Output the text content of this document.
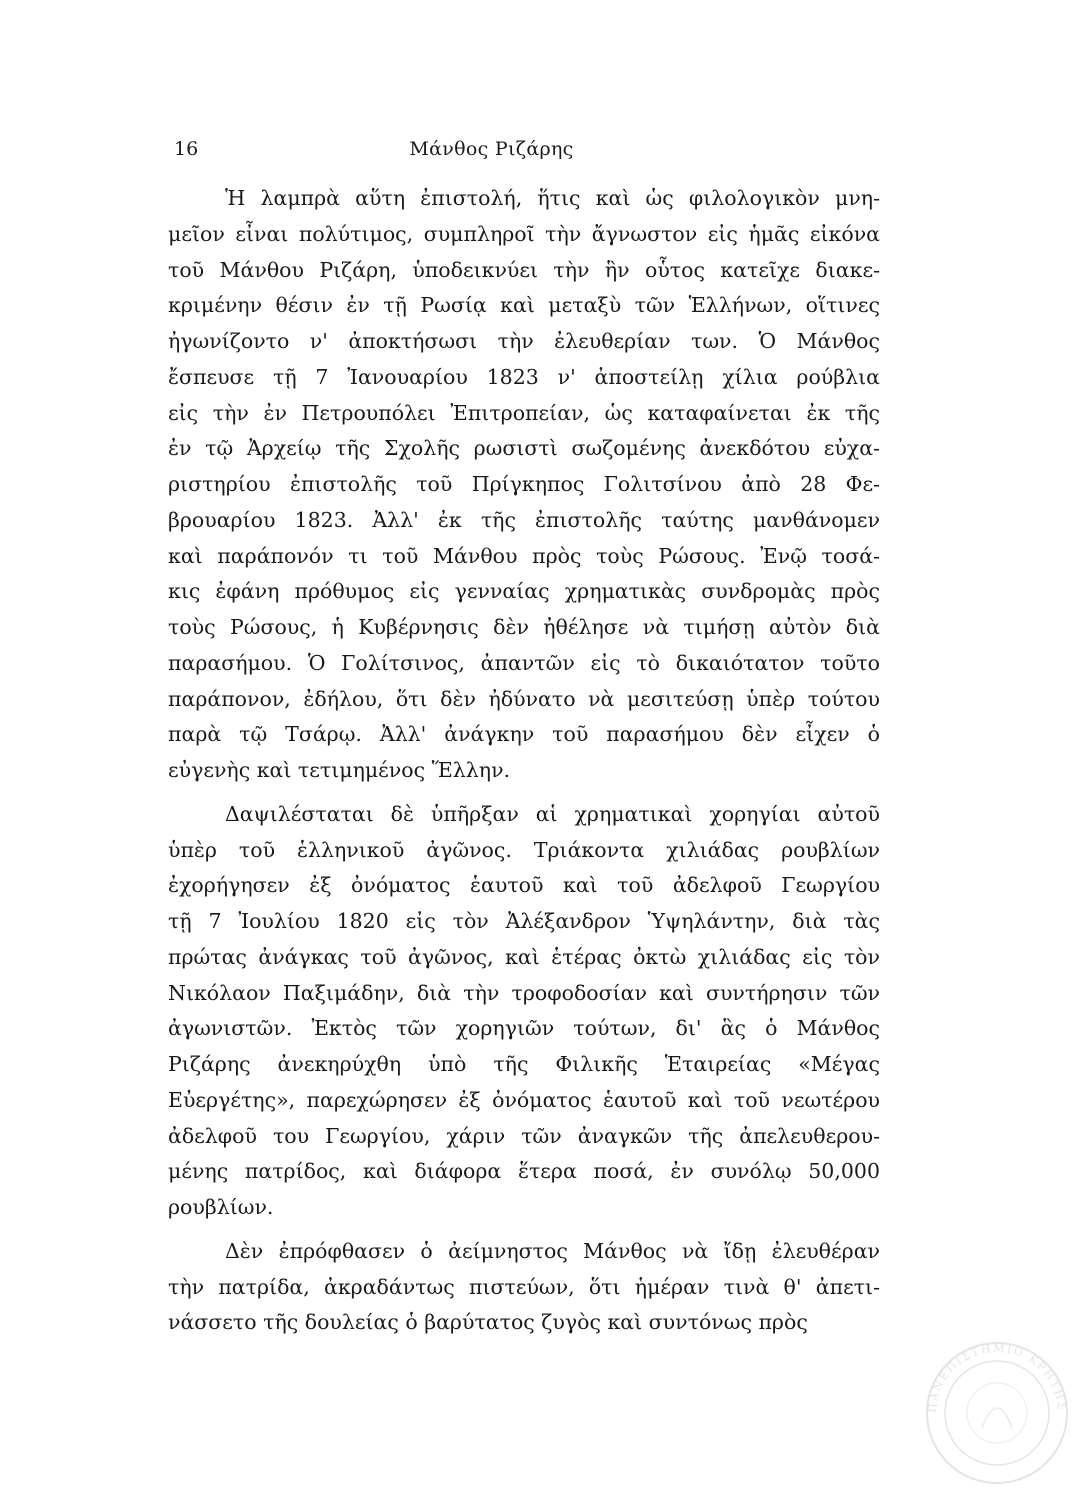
16	Μάνθος Ριζάρης
Ἡ λαμπρὰ αὕτη ἐπιστολή, ἥτις καὶ ὡς φιλολογικὸν μνη-
μεῖον εἶναι πολύτιμος, συμπληροῖ τὴν ἄγνωστον εἰς ἡμᾶς εἰκόνα
τοῦ Μάνθου Ριζάρη, ὑποδεικνύει τὴν ἣν οὗτος κατεῖχε διακε-
κριμένην θέσιν ἐν τῇ Ρωσίᾳ καὶ μεταξὺ τῶν Ἑλλήνων, οἵτινες
ἠγωνίζοντο ν' ἀποκτήσωσι τὴν ἐλευθερίαν των. Ὁ Μάνθος
ἔσπευσε τῇ 7 Ἰανουαρίου 1823 ν' ἀποστείλῃ χίλια ρούβλια
εἰς τὴν ἐν Πετρουπόλει Ἐπιτροπείαν, ὡς καταφαίνεται ἐκ τῆς
ἐν τῷ Ἀρχείῳ τῆς Σχολῆς ρωσιστὶ σωζομένης ἀνεκδότου εὐχα-
ριστηρίου ἐπιστολῆς τοῦ Πρίγκηπος Γολιτσίνου ἀπὸ 28 Φε-
βρουαρίου 1823. Ἀλλ' ἐκ τῆς ἐπιστολῆς ταύτης μανθάνομεν
καὶ παράπονόν τι τοῦ Μάνθου πρὸς τοὺς Ρώσους. Ἐνῷ τοσά-
κις ἐφάνη πρόθυμος εἰς γενναίας χρηματικὰς συνδρομὰς πρὸς
τοὺς Ρώσους, ἡ Κυβέρνησις δὲν ἠθέλησε νὰ τιμήσῃ αὐτὸν διὰ
παρασήμου. Ὁ Γολίτσινος, ἀπαντῶν εἰς τὸ δικαιότατον τοῦτο
παράπονον, ἐδήλου, ὅτι δὲν ἠδύνατο νὰ μεσιτεύσῃ ὑπὲρ τούτου
παρὰ τῷ Τσάρῳ. Ἀλλ' ἀνάγκην τοῦ παρασήμου δὲν εἶχεν ὁ
εὐγενὴς καὶ τετιμημένος Ἕλλην.
Δαψιλέσταται δὲ ὑπῆρξαν αἱ χρηματικαὶ χορηγίαι αὐτοῦ
ὑπὲρ τοῦ ἑλληνικοῦ ἀγῶνος. Τριάκοντα χιλιάδας ρουβλίων
ἐχορήγησεν ἐξ ὀνόματος ἑαυτοῦ καὶ τοῦ ἀδελφοῦ Γεωργίου
τῇ 7 Ἰουλίου 1820 εἰς τὸν Ἀλέξανδρον Ὑψηλάντην, διὰ τὰς
πρώτας ἀνάγκας τοῦ ἀγῶνος, καὶ ἑτέρας ὀκτὼ χιλιάδας εἰς τὸν
Νικόλαον Παξιμάδην, διὰ τὴν τροφοδοσίαν καὶ συντήρησιν τῶν
ἀγωνιστῶν. Ἐκτὸς τῶν χορηγιῶν τούτων, δι' ἃς ὁ Μάνθος
Ριζάρης ἀνεκηρύχθη ὑπὸ τῆς Φιλικῆς Ἑταιρείας «Μέγας
Εὐεργέτης», παρεχώρησεν ἐξ ὀνόματος ἑαυτοῦ καὶ τοῦ νεωτέρου
ἀδελφοῦ του Γεωργίου, χάριν τῶν ἀναγκῶν τῆς ἀπελευθερου-
μένης πατρίδος, καὶ διάφορα ἕτερα ποσά, ἐν συνόλῳ 50,000
ρουβλίων.
Δὲν ἐπρόφθασεν ὁ ἀείμνηστος Μάνθος νὰ ἴδῃ ἐλευθέραν
τὴν πατρίδα, ἀκραδάντως πιστεύων, ὅτι ἡμέραν τινὰ θ' ἀπετι-
νάσσετο τῆς δουλείας ὁ βαρύτατος ζυγὸς καὶ συντόνως πρὸς
ΠΑΝΕΠΙΣΤΗΜΙΟ ΚΡΗΤΗΣ
